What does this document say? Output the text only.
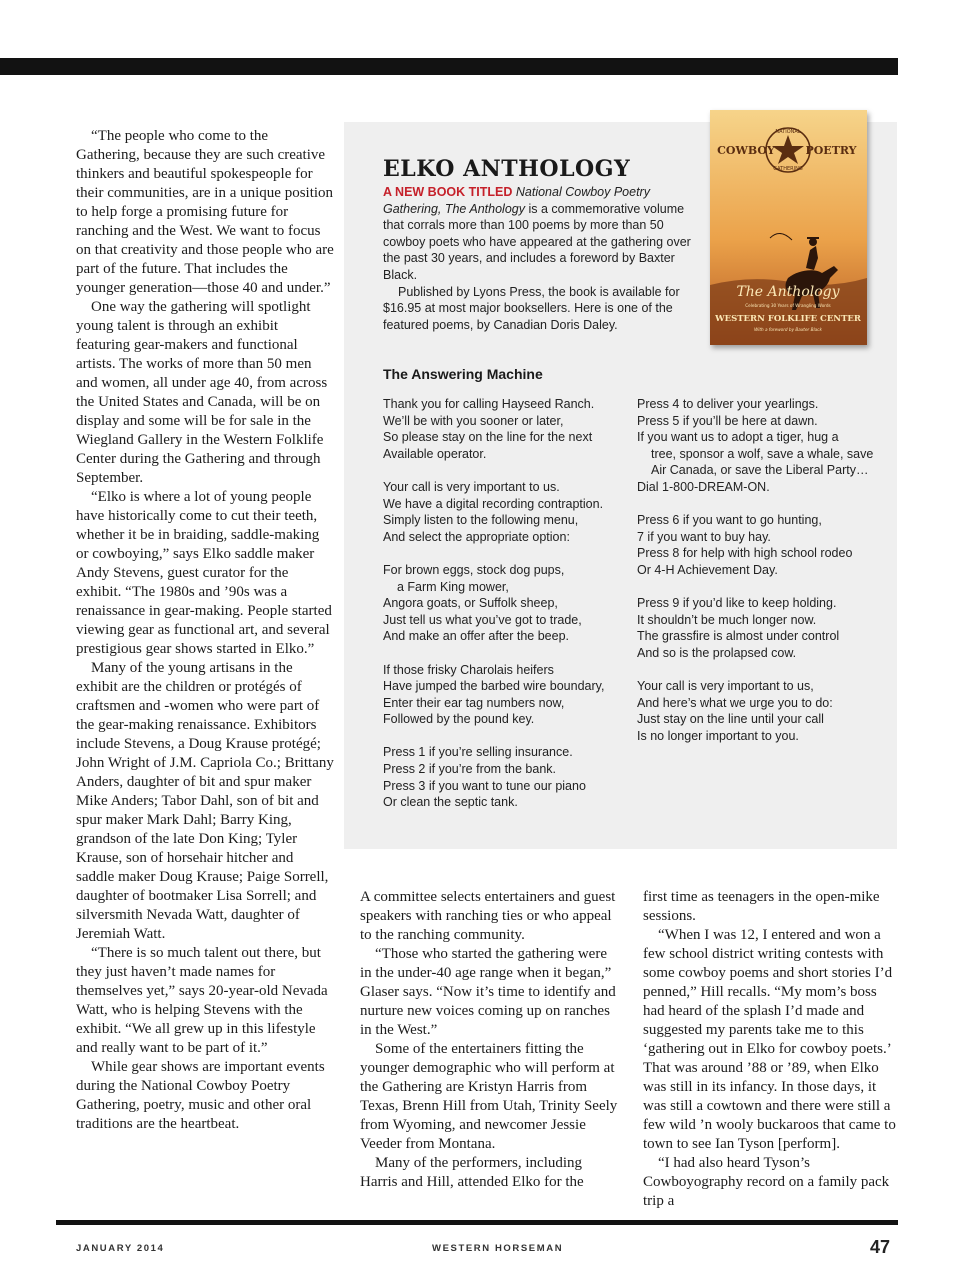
“The people who come to the Gathering, because they are such creative thinkers and beautiful spokespeople for their communities, are in a unique position to help forge a promising future for ranching and the West. We want to focus on that creativity and those people who are part of the future. That includes the younger generation—those 40 and under.”

One way the gathering will spotlight young talent is through an exhibit featuring gear-makers and functional artists. The works of more than 50 men and women, all under age 40, from across the United States and Canada, will be on display and some will be for sale in the Wiegland Gallery in the Western Folklife Center during the Gathering and through September.

“Elko is where a lot of young people have historically come to cut their teeth, whether it be in braiding, saddle-making or cowboying,” says Elko saddle maker Andy Stevens, guest curator for the exhibit. “The 1980s and ’90s was a renaissance in gear-making. People started viewing gear as functional art, and several prestigious gear shows started in Elko.”

Many of the young artisans in the exhibit are the children or protégés of craftsmen and -women who were part of the gear-making renaissance. Exhibitors include Stevens, a Doug Krause protégé; John Wright of J.M. Capriola Co.; Brittany Anders, daughter of bit and spur maker Mike Anders; Tabor Dahl, son of bit and spur maker Mark Dahl; Barry King, grandson of the late Don King; Tyler Krause, son of horsehair hitcher and saddle maker Doug Krause; Paige Sorrell, daughter of bootmaker Lisa Sorrell; and silversmith Nevada Watt, daughter of Jeremiah Watt.

“There is so much talent out there, but they just haven’t made names for themselves yet,” says 20-year-old Nevada Watt, who is helping Stevens with the exhibit. “We all grew up in this lifestyle and really want to be part of it.”

While gear shows are important events during the National Cowboy Poetry Gathering, poetry, music and other oral traditions are the heartbeat.

ELKO ANTHOLOGY

A NEW BOOK TITLED National Cowboy Poetry Gathering, The Anthology is a commemorative volume that corrals more than 100 poems by more than 50 cowboy poets who have appeared at the gathering over the past 30 years, and includes a foreword by Baxter Black.

Published by Lyons Press, the book is available for $16.95 at most major booksellers. Here is one of the featured poems, by Canadian Doris Daley.

COWBOY	POETRY
NATIONAL
GATHERING
The Anthology
Celebrating 30 Years of Wrangling Words
WESTERN FOLKLIFE CENTER
With a foreword by Baxter Black
The Answering Machine
Thank you for calling Hayseed Ranch.
We’ll be with you sooner or later,
So please stay on the line for the next
Available operator.
Your call is very important to us.
We have a digital recording contraption.
Simply listen to the following menu,
And select the appropriate option:
For brown eggs, stock dog pups,
a Farm King mower,
Angora goats, or Suffolk sheep,
Just tell us what you’ve got to trade,
And make an offer after the beep.
If those frisky Charolais heifers
Have jumped the barbed wire boundary,
Enter their ear tag numbers now,
Followed by the pound key.
Press 1 if you’re selling insurance.
Press 2 if you’re from the bank.
Press 3 if you want to tune our piano
Or clean the septic tank.
Press 4 to deliver your yearlings.
Press 5 if you’ll be here at dawn.
If you want us to adopt a tiger, hug a
tree, sponsor a wolf, save a whale, save
Air Canada, or save the Liberal Party…
Dial 1-800-DREAM-ON.
Press 6 if you want to go hunting,
7 if you want to buy hay.
Press 8 for help with high school rodeo
Or 4-H Achievement Day.
Press 9 if you’d like to keep holding.
It shouldn’t be much longer now.
The grassfire is almost under control
And so is the prolapsed cow.
Your call is very important to us,
And here’s what we urge you to do:
Just stay on the line until your call
Is no longer important to you.

A committee selects entertainers and guest speakers with ranching ties or who appeal to the ranching community.

“Those who started the gathering were in the under-40 age range when it began,” Glaser says. “Now it’s time to identify and nurture new voices coming up on ranches in the West.”

Some of the entertainers fitting the younger demographic who will perform at the Gathering are Kristyn Harris from Texas, Brenn Hill from Utah, Trinity Seely from Wyoming, and newcomer Jessie Veeder from Montana.

Many of the performers, including Harris and Hill, attended Elko for the

first time as teenagers in the open-mike sessions.

“When I was 12, I entered and won a few school district writing contests with some cowboy poems and short stories I’d penned,” Hill recalls. “My mom’s boss had heard of the splash I’d made and suggested my parents take me to this ‘gathering out in Elko for cowboy poets.’ That was around ’88 or ’89, when Elko was still in its infancy. In those days, it was still a cowtown and there were still a few wild ’n wooly buckaroos that came to town to see Ian Tyson [perform].

“I had also heard Tyson’s Cowboyography record on a family pack trip a

JANUARY 2014	WESTERN HORSEMAN	47
